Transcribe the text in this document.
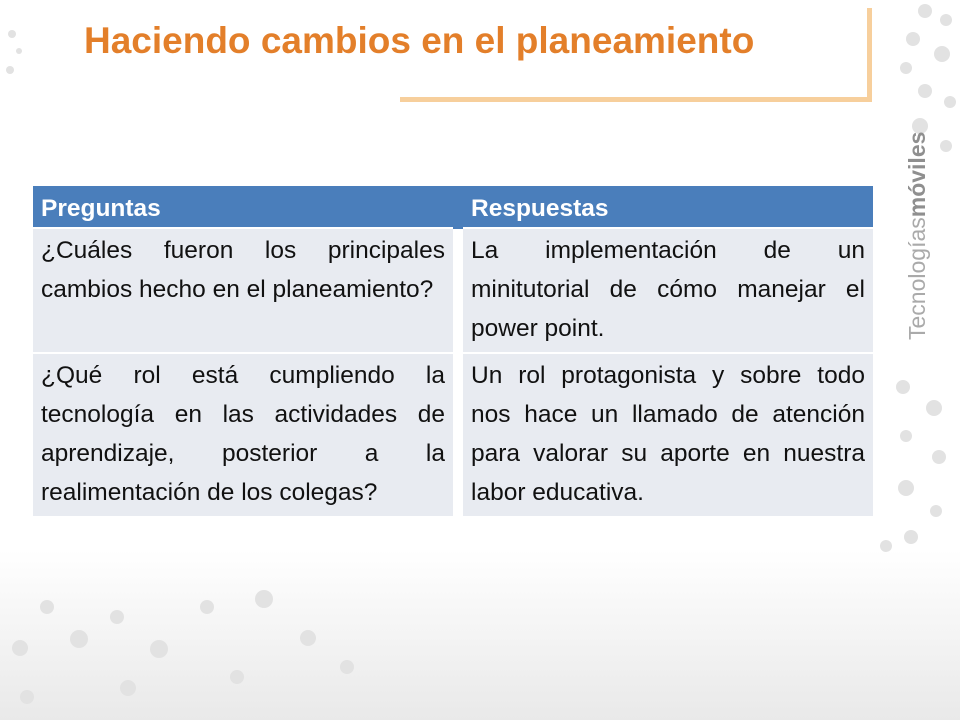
Haciendo cambios en el planeamiento
Tecnologíasmóviles
Preguntas	Respuestas
¿Cuáles fueron los principales cambios hecho en el planeamiento?	La implementación de un minitutorial de cómo manejar el power point.
¿Qué rol está cumpliendo la tecnología en las actividades de aprendizaje, posterior a la realimentación de los colegas?	Un rol protagonista y sobre todo nos hace un llamado de atención para valorar su aporte en nuestra labor educativa.
